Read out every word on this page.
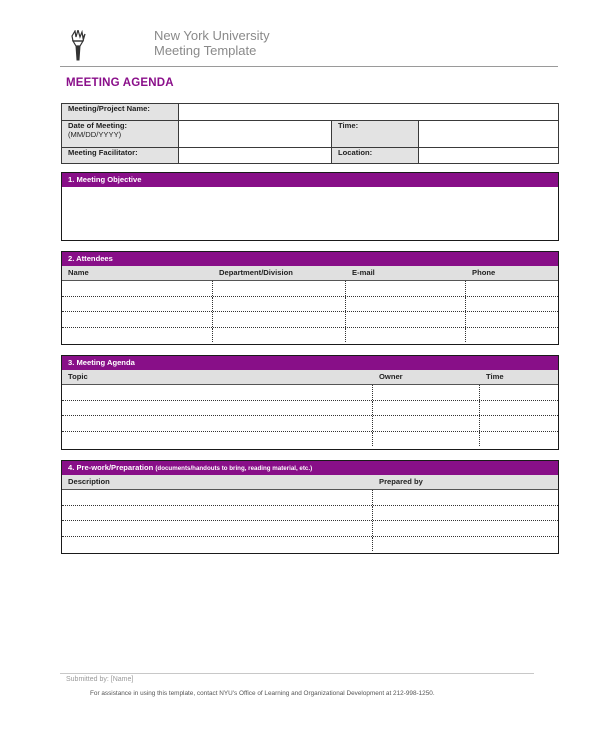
New York University
Meeting Template
MEETING AGENDA
Meeting/Project Name:			

Date of Meeting:
(MM/DD/YYYY)		Time:	
Meeting Facilitator:		Location:	
1. Meeting Objective
2. Attendees
Name	Department/Division	E-mail	Phone
3. Meeting Agenda
Topic	Owner	Time
4. Pre-work/Preparation (documents/handouts to bring, reading material, etc.)
Description	Prepared by
Submitted by: [Name]
For assistance in using this template, contact NYU's Office of Learning and Organizational Development at 212-998-1250.
